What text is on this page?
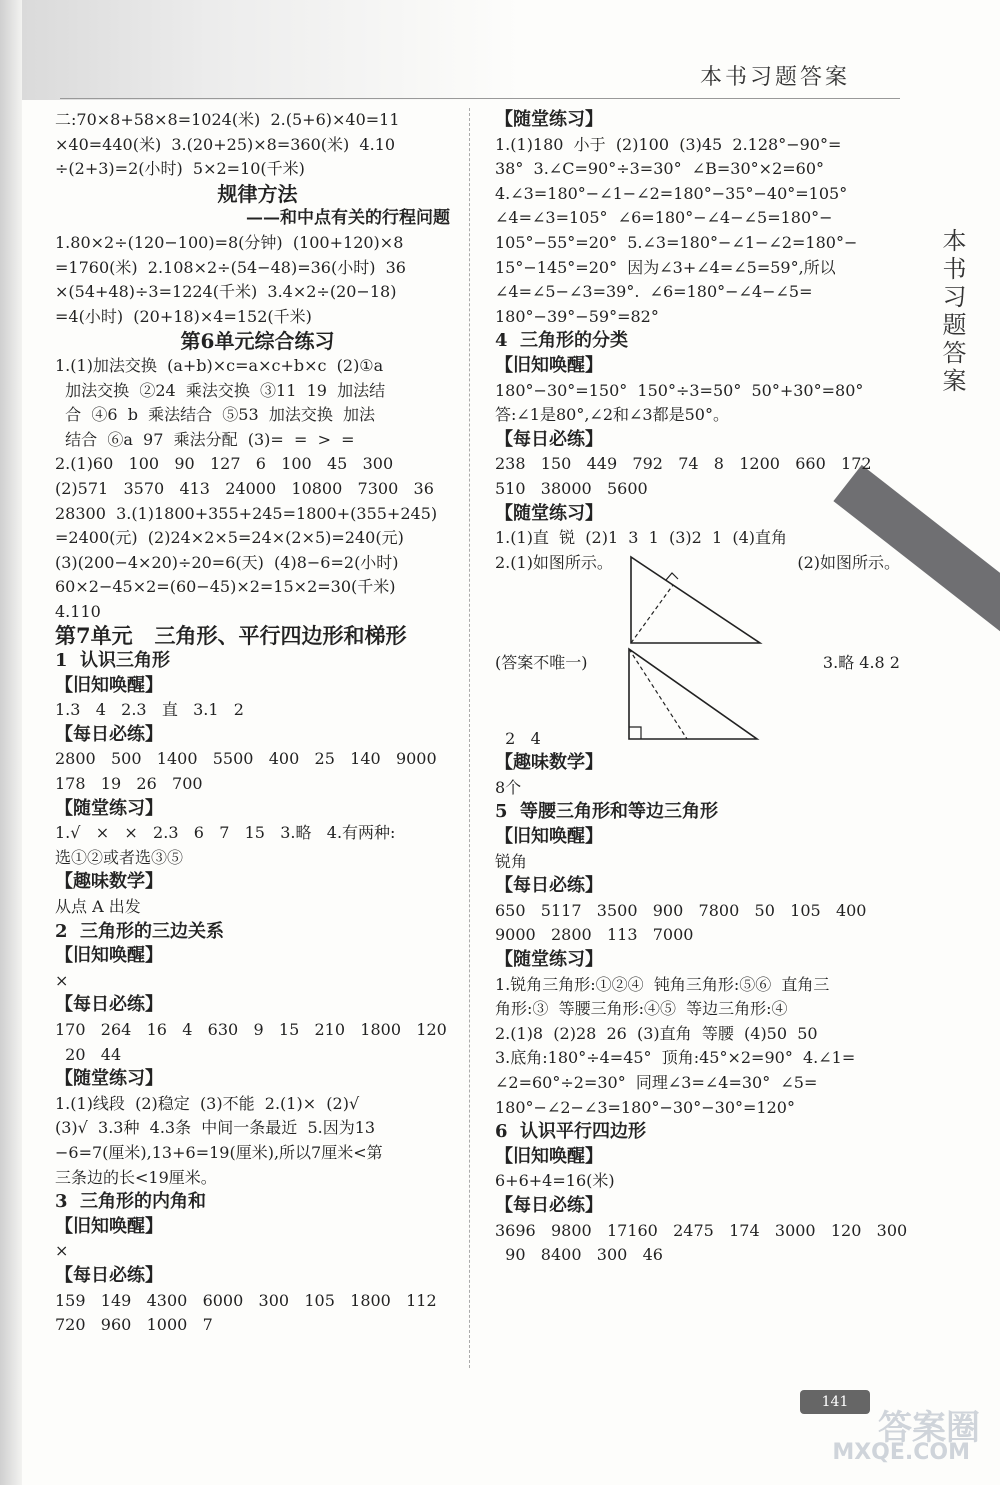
本书习题答案
本书习题答案
二:70×8+58×8=1024(米)  2.(5+6)×40=11
×40=440(米)  3.(20+25)×8=360(米)  4.10
÷(2+3)=2(小时)  5×2=10(千米)
规律方法
——和中点有关的行程问题
1.80×2÷(120−100)=8(分钟)  (100+120)×8
=1760(米)  2.108×2÷(54−48)=36(小时)  36
×(54+48)÷3=1224(千米)  3.4×2÷(20−18)
=4(小时)  (20+18)×4=152(千米)
第6单元综合练习
1.(1)加法交换  (a+b)×c=a×c+b×c  (2)①a
加法交换  ②24  乘法交换  ③11  19  加法结
合  ④6  b  乘法结合  ⑤53  加法交换  加法
结合  ⑥a  97  乘法分配  (3)=  =  >  =
2.(1)60   100   90   127   6   100   45   300
(2)571   3570   413   24000   10800   7300   36
28300  3.(1)1800+355+245=1800+(355+245)
=2400(元)  (2)24×2×5=24×(2×5)=240(元)
(3)(200−4×20)÷20=6(天)  (4)8−6=2(小时)
60×2−45×2=(60−45)×2=15×2=30(千米)
4.110
第7单元   三角形、平行四边形和梯形
1  认识三角形
【旧知唤醒】
1.3   4   2.3   直   3.1   2
【每日必练】
2800   500   1400   5500   400   25   140   9000
178   19   26   700
【随堂练习】
1.√   ×   ×   2.3   6   7   15   3.略   4.有两种:
选①②或者选③⑤
【趣味数学】
从点 A 出发
2  三角形的三边关系
【旧知唤醒】
×
【每日必练】
170   264   16   4   630   9   15   210   1800   120
20   44
【随堂练习】
1.(1)线段  (2)稳定  (3)不能  2.(1)×  (2)√
(3)√  3.3种  4.3条  中间一条最近  5.因为13
−6=7(厘米),13+6=19(厘米),所以7厘米<第
三条边的长<19厘米。
3  三角形的内角和
【旧知唤醒】
×
【每日必练】
159   149   4300   6000   300   105   1800   112
720   960   1000   7
【随堂练习】
1.(1)180  小于  (2)100  (3)45  2.128°−90°=
38°  3.∠C=90°÷3=30°  ∠B=30°×2=60°
4.∠3=180°−∠1−∠2=180°−35°−40°=105°
∠4=∠3=105°  ∠6=180°−∠4−∠5=180°−
105°−55°=20°  5.∠3=180°−∠1−∠2=180°−
15°−145°=20°  因为∠3+∠4=∠5=59°,所以
∠4=∠5−∠3=39°.  ∠6=180°−∠4−∠5=
180°−39°−59°=82°
4  三角形的分类
【旧知唤醒】
180°−30°=150°  150°÷3=50°  50°+30°=80°
答:∠1是80°,∠2和∠3都是50°。
【每日必练】
238   150   449   792   74   8   1200   660   172
510   38000   5600
【随堂练习】
1.(1)直  锐  (2)1  3  1  (3)2  1  (4)直角
2.(1)如图所示。	(2)如图所示。
(答案不唯一)	3.略 4.8 2
2   4
【趣味数学】
8个
5  等腰三角形和等边三角形
【旧知唤醒】
锐角
【每日必练】
650   5117   3500   900   7800   50   105   400
9000   2800   113   7000
【随堂练习】
1.锐角三角形:①②④  钝角三角形:⑤⑥  直角三
角形:③  等腰三角形:④⑤  等边三角形:④
2.(1)8  (2)28  26  (3)直角  等腰  (4)50  50
3.底角:180°÷4=45°  顶角:45°×2=90°  4.∠1=
∠2=60°÷2=30°  同理∠3=∠4=30°  ∠5=
180°−∠2−∠3=180°−30°−30°=120°
6  认识平行四边形
【旧知唤醒】
6+6+4=16(米)
【每日必练】
3696   9800   17160   2475   174   3000   120   300
90   8400   300   46
141
答案圈
MXQE.COM
